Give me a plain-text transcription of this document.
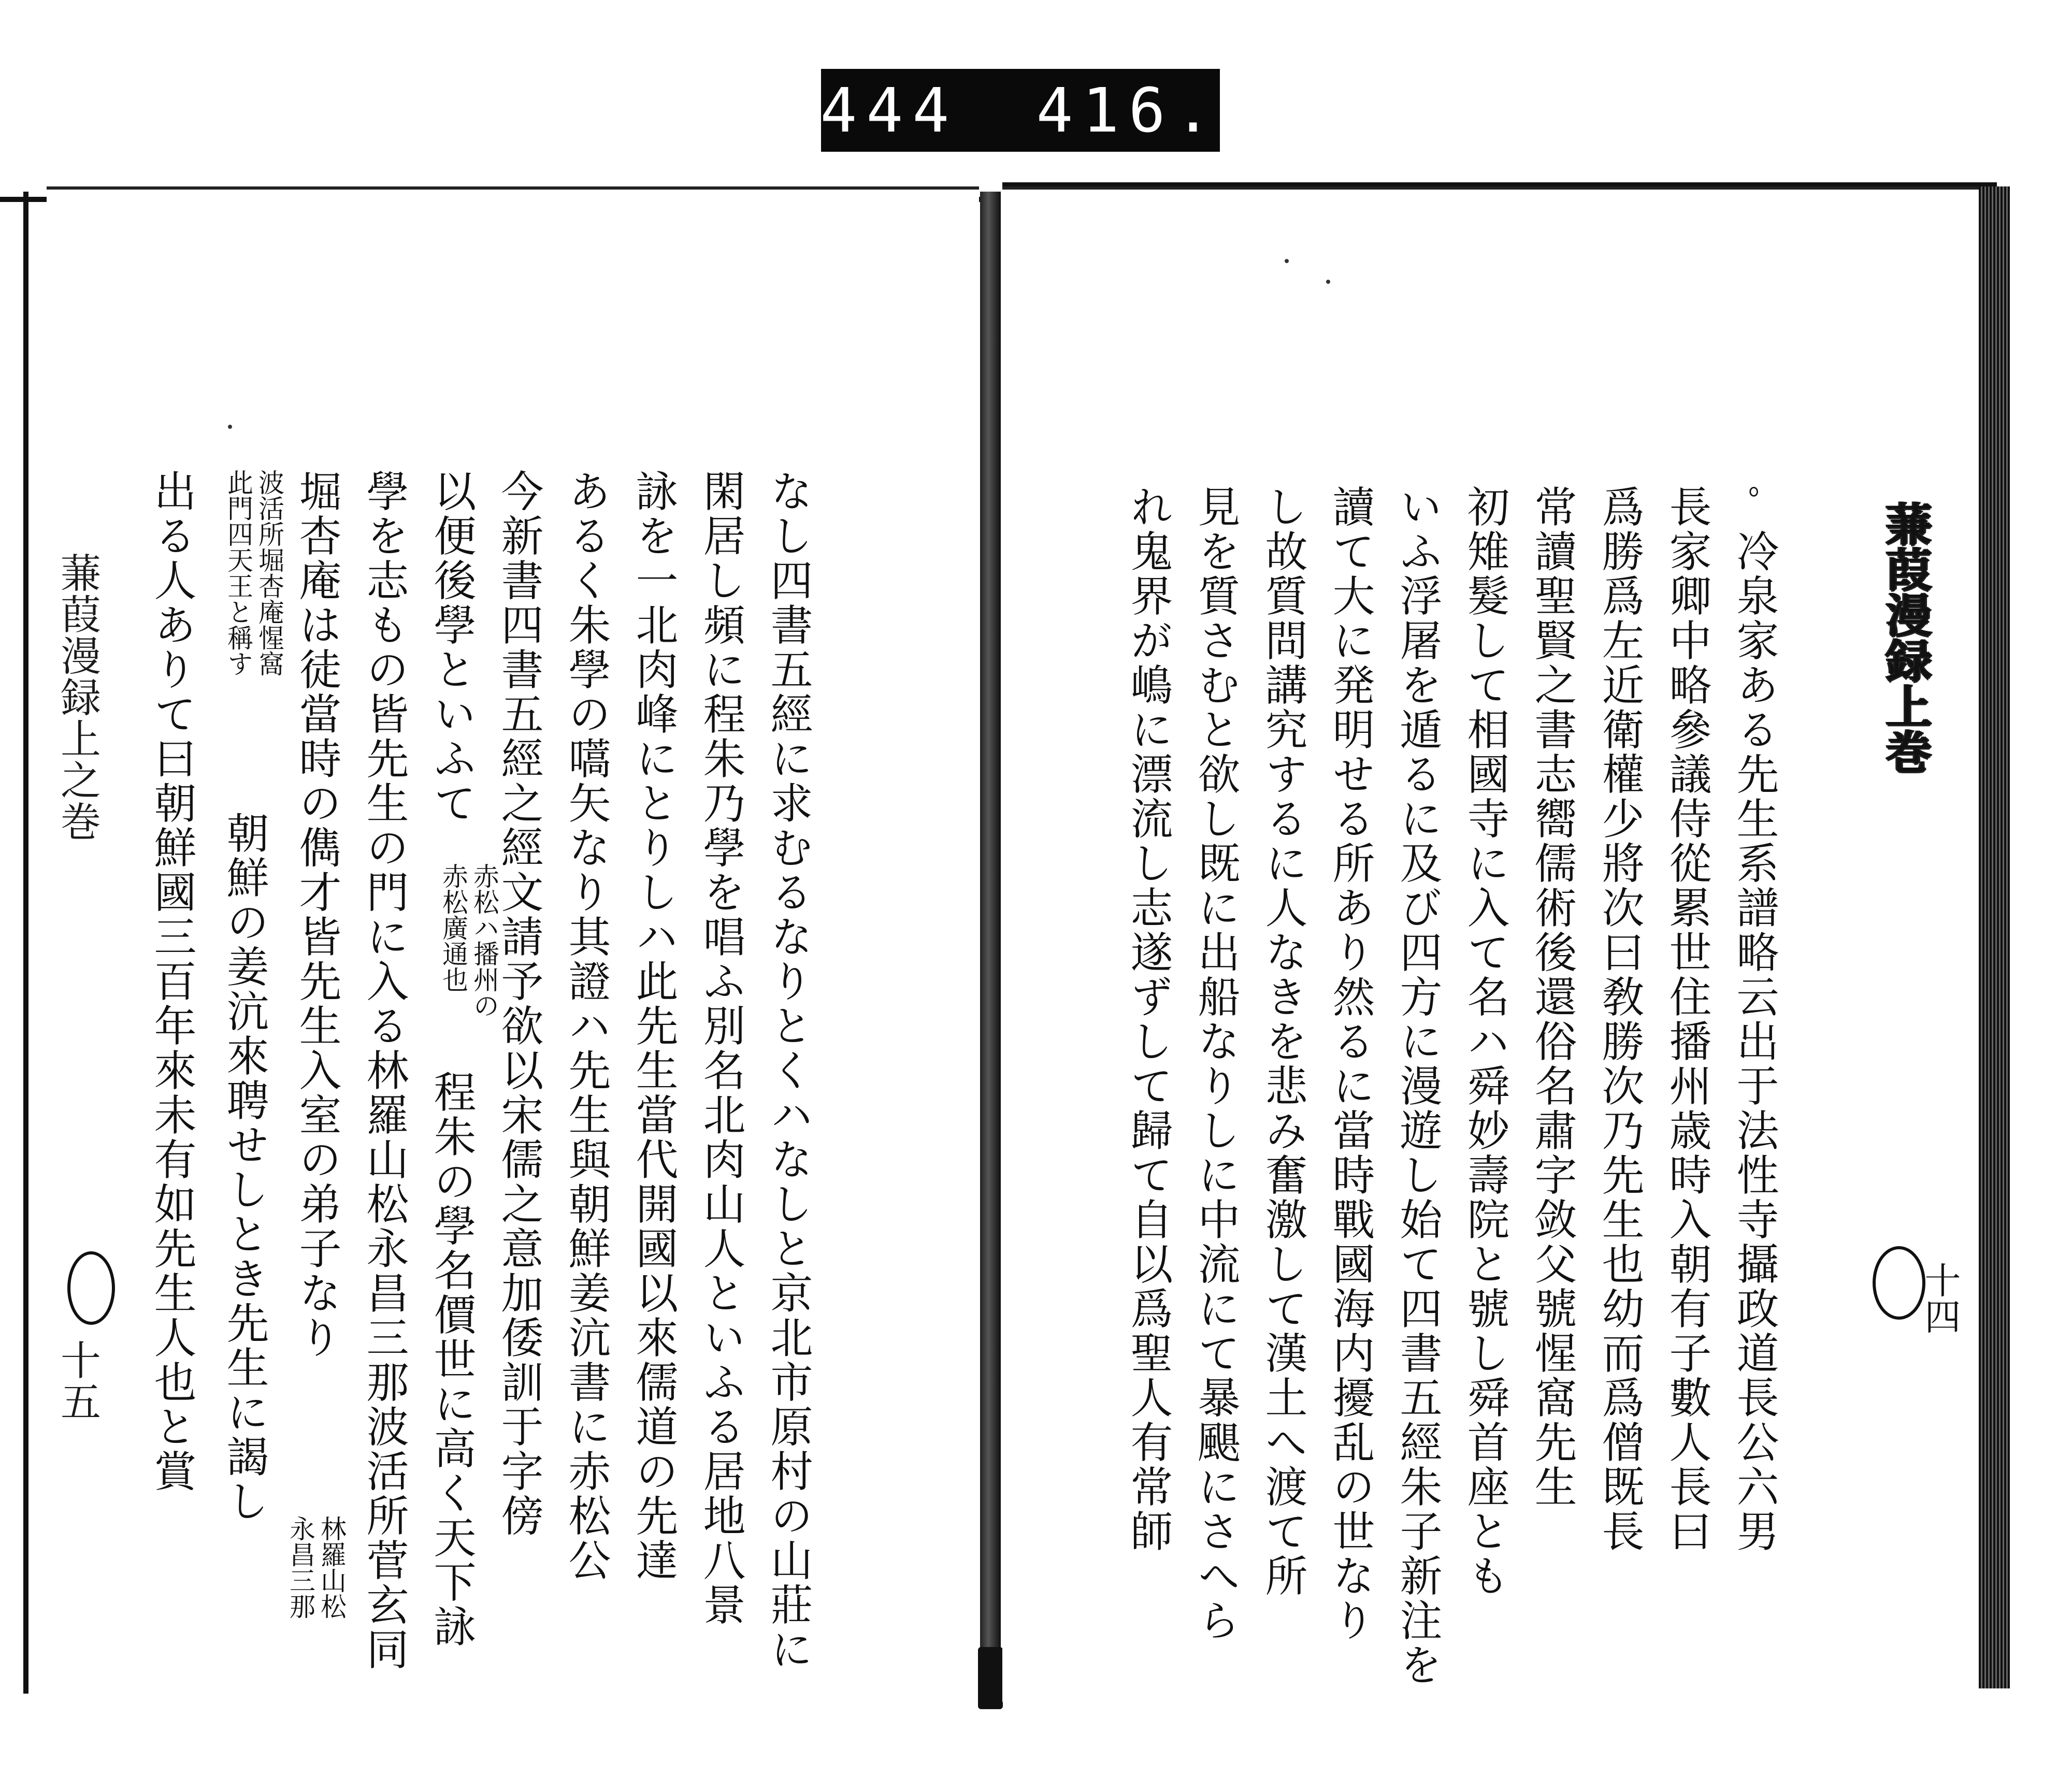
444 416.
蒹葭漫録上之巻
十五	なし四書五經に求むるなりとくハなしと京北市原村の山莊に
閑居し頻に程朱乃學を唱ふ別名北肉山人といふる居地八景
詠を一北肉峰にとりしハ此先生當代開國以來儒道の先達
あるく朱學の嚆矢なり其證ハ先生與朝鮮姜沆書に赤松公
今新書四書五經之經文請予欲以宋儒之意加倭訓于字傍
以便後學といふて
赤松ハ播州の
赤松廣通也
程朱の學名價世に高く天下詠
學を志もの皆先生の門に入る林羅山松永昌三那波活所菅玄同
堀杏庵は徒當時の儁才皆先生入室の弟子なり
林羅山松
永昌三那
波活所堀杏庵惺窩
此門四天王と稱す
朝鮮の姜沆來聘せしとき先生に謁し
出る人ありて曰朝鮮國三百年來未有如先生人也と賞	ﾟ冷泉家ある先生系譜略云出于法性寺攝政道長公六男
長家卿中略參議侍從累世住播州歳時入朝有子數人長曰
爲勝爲左近衛權少將次曰敎勝次乃先生也幼而爲僧既長
常讀聖賢之書志嚮儒術後還俗名肅字敛父號惺窩先生
初雉髮して相國寺に入て名ハ舜妙壽院と號し舜首座とも
いふ浮屠を遁るに及び四方に漫遊し始て四書五經朱子新注を
讀て大に発明せる所あり然るに當時戰國海内擾乱の世なり
し故質問講究するに人なきを悲み奮激して漢土へ渡て所
見を質さむと欲し既に出船なりしに中流にて暴颶にさへら
れ鬼界が嶋に漂流し志遂ずして歸て自以爲聖人有常師	蒹葭漫録上巻
十四
